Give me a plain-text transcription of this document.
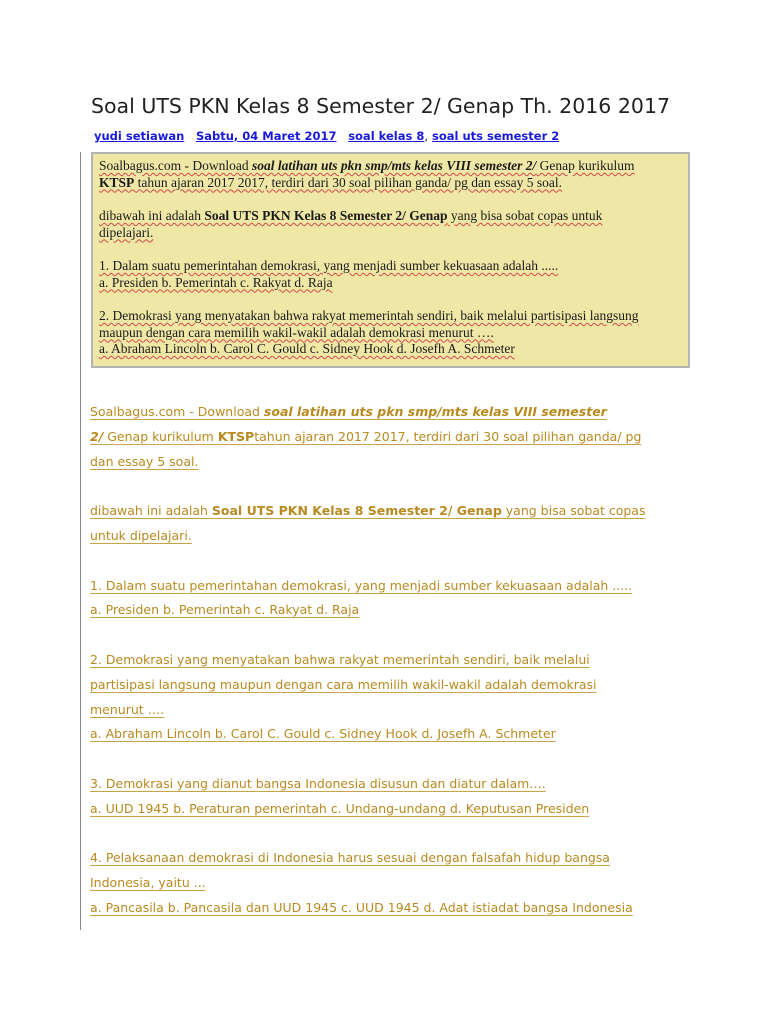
Soal UTS PKN Kelas 8 Semester 2/ Genap Th. 2016 2017
yudi setiawan Sabtu, 04 Maret 2017 soal kelas 8, soal uts semester 2

Soalbagus.com - Download soal latihan uts pkn smp/mts kelas VIII semester 2/ Genap kurikulum

KTSP tahun ajaran 2017 2017, terdiri dari 30 soal pilihan ganda/ pg dan essay 5 soal.

dibawah ini adalah Soal UTS PKN Kelas 8 Semester 2/ Genap yang bisa sobat copas untuk

dipelajari.

1. Dalam suatu pemerintahan demokrasi, yang menjadi sumber kekuasaan adalah .....

a. Presiden b. Pemerintah c. Rakyat d. Raja

2. Demokrasi yang menyatakan bahwa rakyat memerintah sendiri, baik melalui partisipasi langsung

maupun dengan cara memilih wakil-wakil adalah demokrasi menurut ….

a. Abraham Lincoln b. Carol C. Gould c. Sidney Hook d. Josefh A. Schmeter

Soalbagus.com - Download soal latihan uts pkn smp/mts kelas VIII semester

2/ Genap kurikulum KTSPtahun ajaran 2017 2017, terdiri dari 30 soal pilihan ganda/ pg

dan essay 5 soal.

dibawah ini adalah Soal UTS PKN Kelas 8 Semester 2/ Genap yang bisa sobat copas

untuk dipelajari.

1. Dalam suatu pemerintahan demokrasi, yang menjadi sumber kekuasaan adalah .....

a. Presiden b. Pemerintah c. Rakyat d. Raja

2. Demokrasi yang menyatakan bahwa rakyat memerintah sendiri, baik melalui

partisipasi langsung maupun dengan cara memilih wakil-wakil adalah demokrasi

menurut ….

a. Abraham Lincoln b. Carol C. Gould c. Sidney Hook d. Josefh A. Schmeter

3. Demokrasi yang dianut bangsa Indonesia disusun dan diatur dalam….

a. UUD 1945 b. Peraturan pemerintah c. Undang-undang d. Keputusan Presiden

4. Pelaksanaan demokrasi di Indonesia harus sesuai dengan falsafah hidup bangsa

Indonesia, yaitu ...

a. Pancasila b. Pancasila dan UUD 1945 c. UUD 1945 d. Adat istiadat bangsa Indonesia
